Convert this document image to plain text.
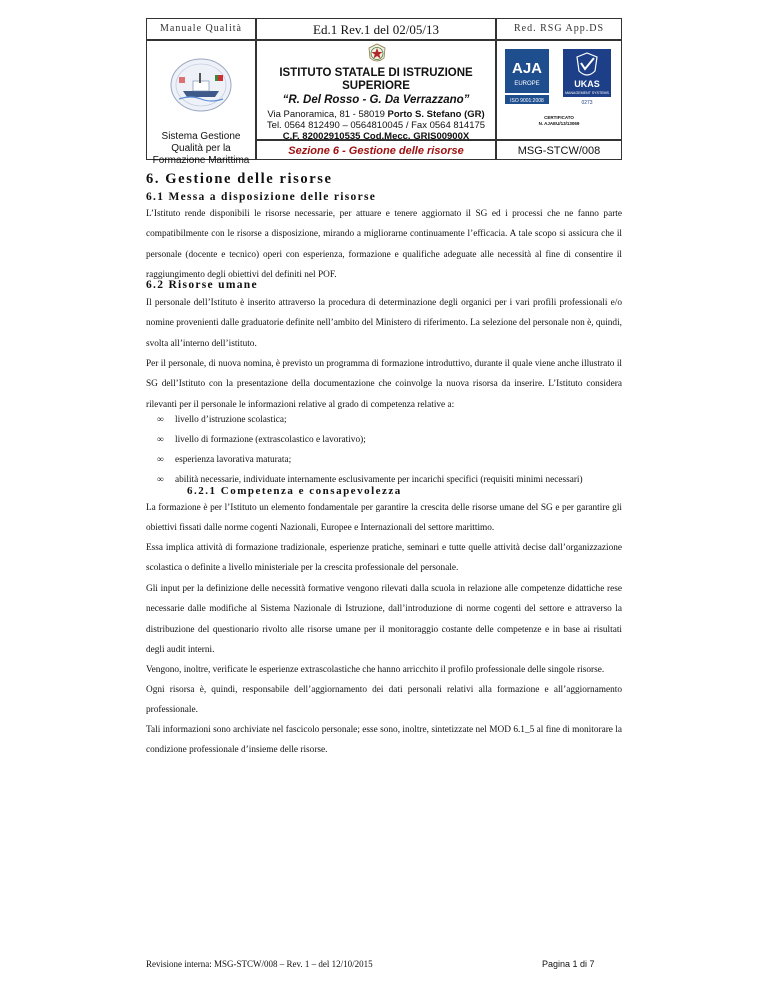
Manuale Qualità	Ed.1 Rev.1 del 02/05/13	Red. RSG App.DS
Sistema Gestione
Qualità per la
Formazione Marittima
ISTITUTO STATALE DI ISTRUZIONE
SUPERIORE
“R. Del Rosso - G. Da Verrazzano”
Via Panoramica, 81 - 58019 Porto S. Stefano (GR)
Tel. 0564 812490 – 0564810045 / Fax 0564 814175
C.F. 82002910535 Cod.Mecc. GRIS00900X
AJA
EUROPE
ISO 9001:2008
UKAS
MANAGEMENT SYSTEMS
0273
CERTIFICATO
N. AJAEU/13/13069
Sezione 6 - Gestione delle risorse	MSG-STCW/008
6. Gestione delle risorse
6.1 Messa a disposizione delle risorse
L’Istituto rende disponibili le risorse necessarie, per attuare e tenere aggiornato il SG ed i processi che ne fanno parte compatibilmente con le risorse a disposizione, mirando a migliorarne continuamente l’efficacia. A tale scopo si assicura che il personale (docente e tecnico) operi con esperienza, formazione e qualifiche adeguate alle necessità al fine di consentire il raggiungimento degli obiettivi del definiti nel POF.
6.2 Risorse umane
Il personale dell’Istituto è inserito attraverso la procedura di determinazione degli organici per i vari profili professionali e/o nomine provenienti dalle graduatorie definite nell’ambito del Ministero di riferimento. La selezione del personale non è, quindi, svolta all’interno dell’istituto.
Per il personale, di nuova nomina, è previsto un programma di formazione introduttivo, durante il quale viene anche illustrato il SG dell’Istituto con la presentazione della documentazione che coinvolge la nuova risorsa da inserire. L’Istituto considera rilevanti per il personale le informazioni relative al grado di competenza relative a:
∞ livello d’istruzione scolastica;
∞ livello di formazione (extrascolastico e lavorativo);
∞ esperienza lavorativa maturata;
∞ abilità necessarie, individuate internamente esclusivamente per incarichi specifici (requisiti minimi necessari)
6.2.1 Competenza e consapevolezza
La formazione è per l’Istituto un elemento fondamentale per garantire la crescita delle risorse umane del SG e per garantire gli obiettivi fissati dalle norme cogenti Nazionali, Europee e Internazionali del settore marittimo.
Essa implica attività di formazione tradizionale, esperienze pratiche, seminari e tutte quelle attività decise dall’organizzazione scolastica o definite a livello ministeriale per la crescita professionale del personale.
Gli input per la definizione delle necessità formative vengono rilevati dalla scuola in relazione alle competenze didattiche rese necessarie dalle modifiche al Sistema Nazionale di Istruzione, dall’introduzione di norme cogenti del settore e attraverso la distribuzione del questionario rivolto alle risorse umane per il monitoraggio costante delle competenze e in base ai risultati degli audit interni.
Vengono, inoltre, verificate le esperienze extrascolastiche che hanno arricchito il profilo professionale delle singole risorse.
Ogni risorsa è, quindi, responsabile dell’aggiornamento dei dati personali relativi alla formazione e all’aggiornamento professionale.
Tali informazioni sono archiviate nel fascicolo personale; esse sono, inoltre, sintetizzate nel MOD 6.1_5 al fine di monitorare la condizione professionale d’insieme delle risorse.
Revisione interna: MSG-STCW/008 – Rev. 1 – del 12/10/2015	Pagina 1 di 7
